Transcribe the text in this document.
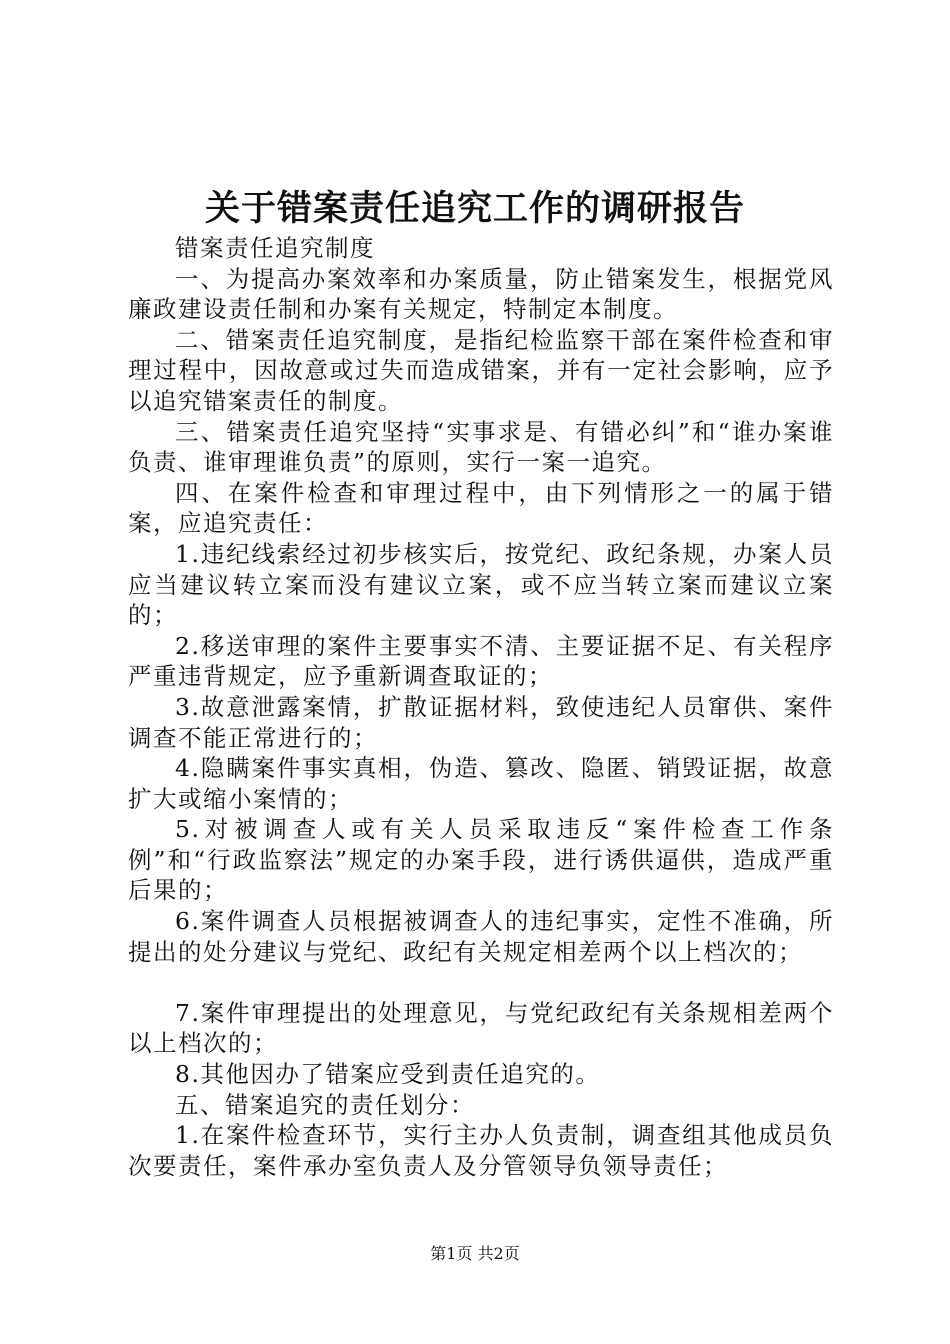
关于错案责任追究工作的调研报告

错案责任追究制度

一、为提高办案效率和办案质量，防止错案发生，根据党风廉政建设责任制和办案有关规定，特制定本制度。

二、错案责任追究制度，是指纪检监察干部在案件检查和审理过程中，因故意或过失而造成错案，并有一定社会影响，应予以追究错案责任的制度。

三、错案责任追究坚持“实事求是、有错必纠”和“谁办案谁负责、谁审理谁负责”的原则，实行一案一追究。

四、在案件检查和审理过程中，由下列情形之一的属于错案，应追究责任：

1.违纪线索经过初步核实后，按党纪、政纪条规，办案人员应当建议转立案而没有建议立案，或不应当转立案而建议立案的；

2.移送审理的案件主要事实不清、主要证据不足、有关程序严重违背规定，应予重新调查取证的；

3.故意泄露案情，扩散证据材料，致使违纪人员窜供、案件调查不能正常进行的；

4.隐瞒案件事实真相，伪造、篡改、隐匿、销毁证据，故意扩大或缩小案情的；

5.对被调查人或有关人员采取违反“案件检查工作条例”和“行政监察法”规定的办案手段，进行诱供逼供，造成严重后果的；

6.案件调查人员根据被调查人的违纪事实，定性不准确，所提出的处分建议与党纪、政纪有关规定相差两个以上档次的；

7.案件审理提出的处理意见，与党纪政纪有关条规相差两个以上档次的；

8.其他因办了错案应受到责任追究的。

五、错案追究的责任划分：

1.在案件检查环节，实行主办人负责制，调查组其他成员负次要责任，案件承办室负责人及分管领导负领导责任；

第1页 共2页
